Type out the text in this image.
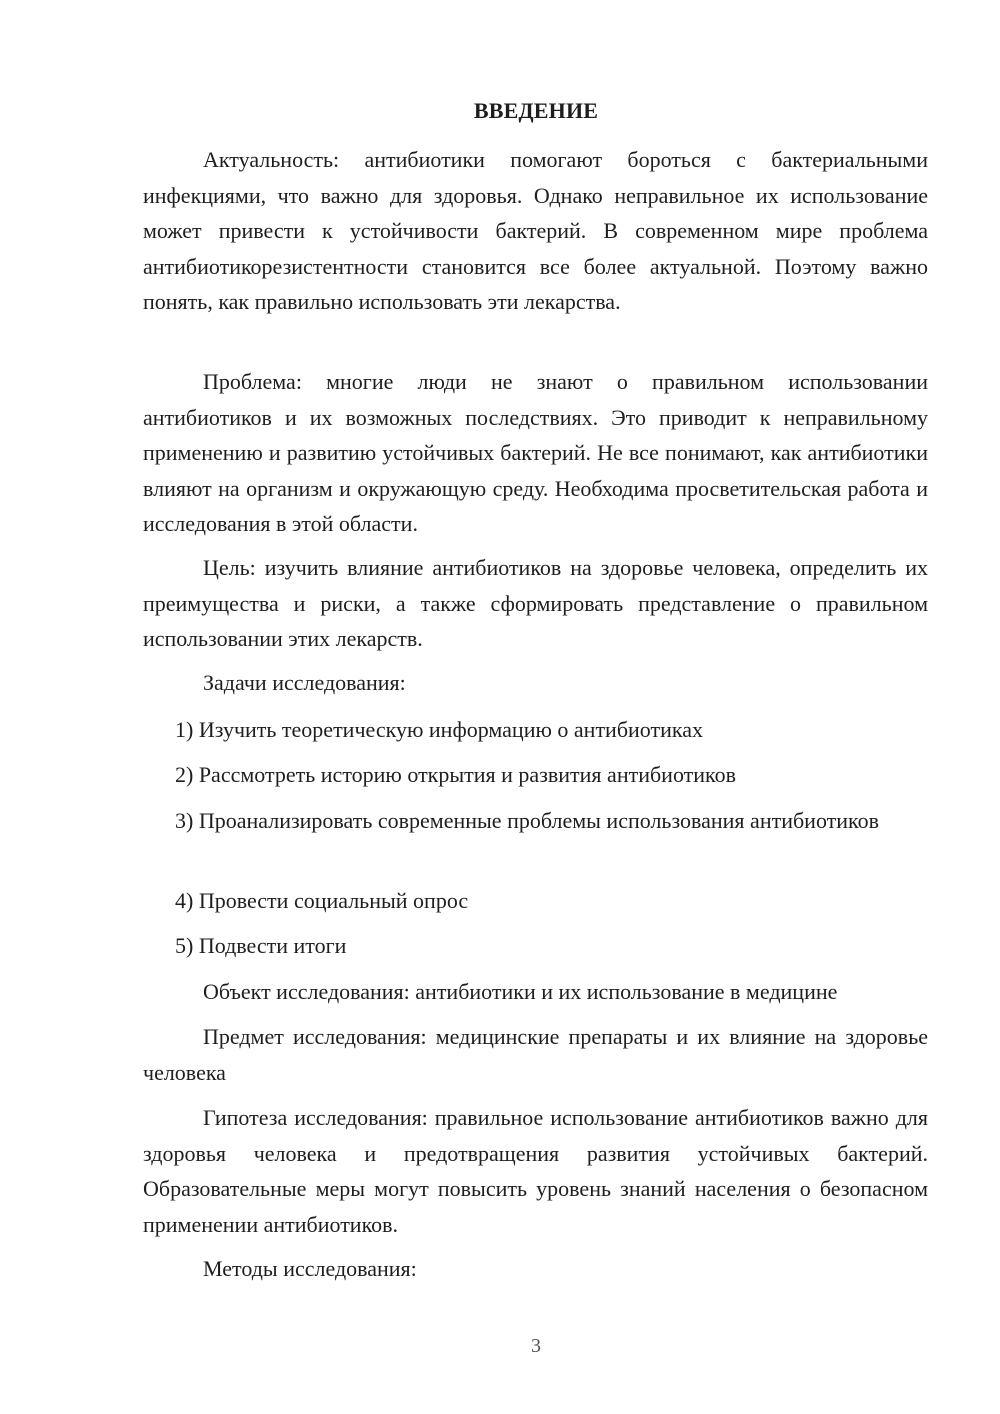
ВВЕДЕНИЕ

Актуальность: антибиотики помогают бороться с бактериальными инфекциями, что важно для здоровья. Однако неправильное их использование может привести к устойчивости бактерий. В современном мире проблема антибиотикорезистентности становится все более актуальной. Поэтому важно понять, как правильно использовать эти лекарства.

Проблема: многие люди не знают о правильном использовании антибиотиков и их возможных последствиях. Это приводит к неправильному применению и развитию устойчивых бактерий. Не все понимают, как антибиотики влияют на организм и окружающую среду. Необходима просветительская работа и исследования в этой области.

Цель: изучить влияние антибиотиков на здоровье человека, определить их преимущества и риски, а также сформировать представление о правильном использовании этих лекарств.

Задачи исследования:

1) Изучить теоретическую информацию о антибиотиках

2) Рассмотреть историю открытия и развития антибиотиков

3) Проанализировать современные проблемы использования антибиотиков

4) Провести социальный опрос

5) Подвести итоги

Объект исследования: антибиотики и их использование в медицине

Предмет исследования: медицинские препараты и их влияние на здоровье человека

Гипотеза исследования: правильное использование антибиотиков важно для здоровья человека и предотвращения развития устойчивых бактерий. Образовательные меры могут повысить уровень знаний населения о безопасном применении антибиотиков.

Методы исследования:

3
